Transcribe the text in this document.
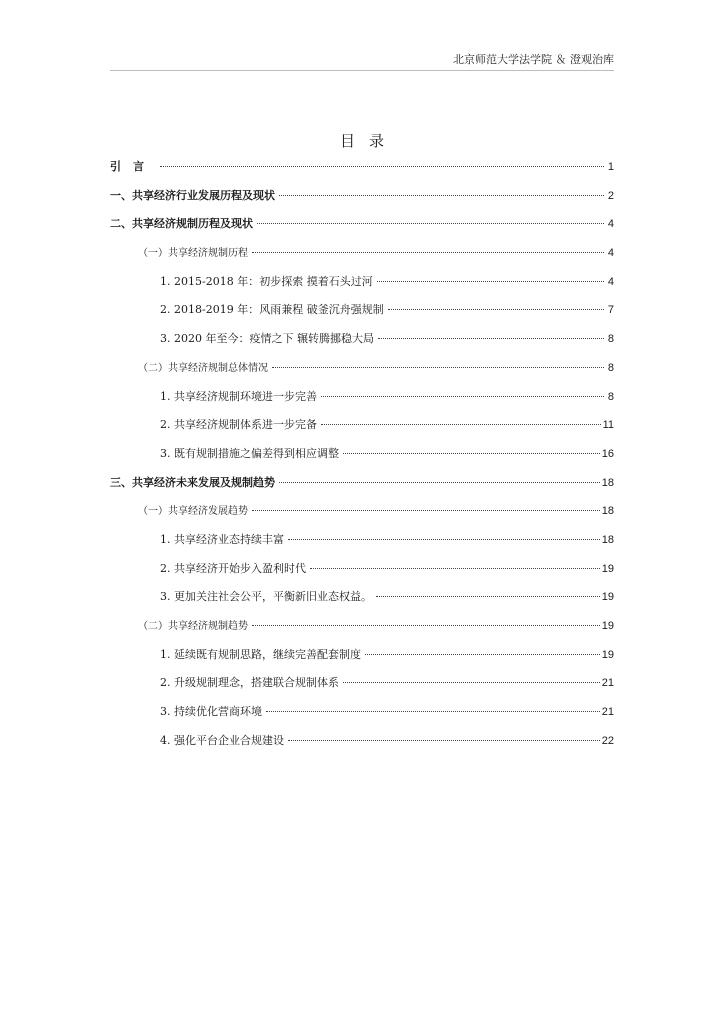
北京师范大学法学院 ＆ 澄观治库
目录
引言	1
一、共享经济行业发展历程及现状	2
二、共享经济规制历程及现状	4
（一）共享经济规制历程	4
1. 2015-2018 年：初步探索 摸着石头过河	4
2. 2018-2019 年：风雨兼程 破釜沉舟强规制	7
3. 2020 年至今：疫情之下 辗转腾挪稳大局	8
（二）共享经济规制总体情况	8
1. 共享经济规制环境进一步完善	8
2. 共享经济规制体系进一步完备	11
3. 既有规制措施之偏差得到相应调整	16
三、共享经济未来发展及规制趋势	18
（一）共享经济发展趋势	18
1. 共享经济业态持续丰富	18
2. 共享经济开始步入盈利时代	19
3. 更加关注社会公平，平衡新旧业态权益。	19
（二）共享经济规制趋势	19
1. 延续既有规制思路，继续完善配套制度	19
2. 升级规制理念，搭建联合规制体系	21
3. 持续优化营商环境	21
4. 强化平台企业合规建设	22
